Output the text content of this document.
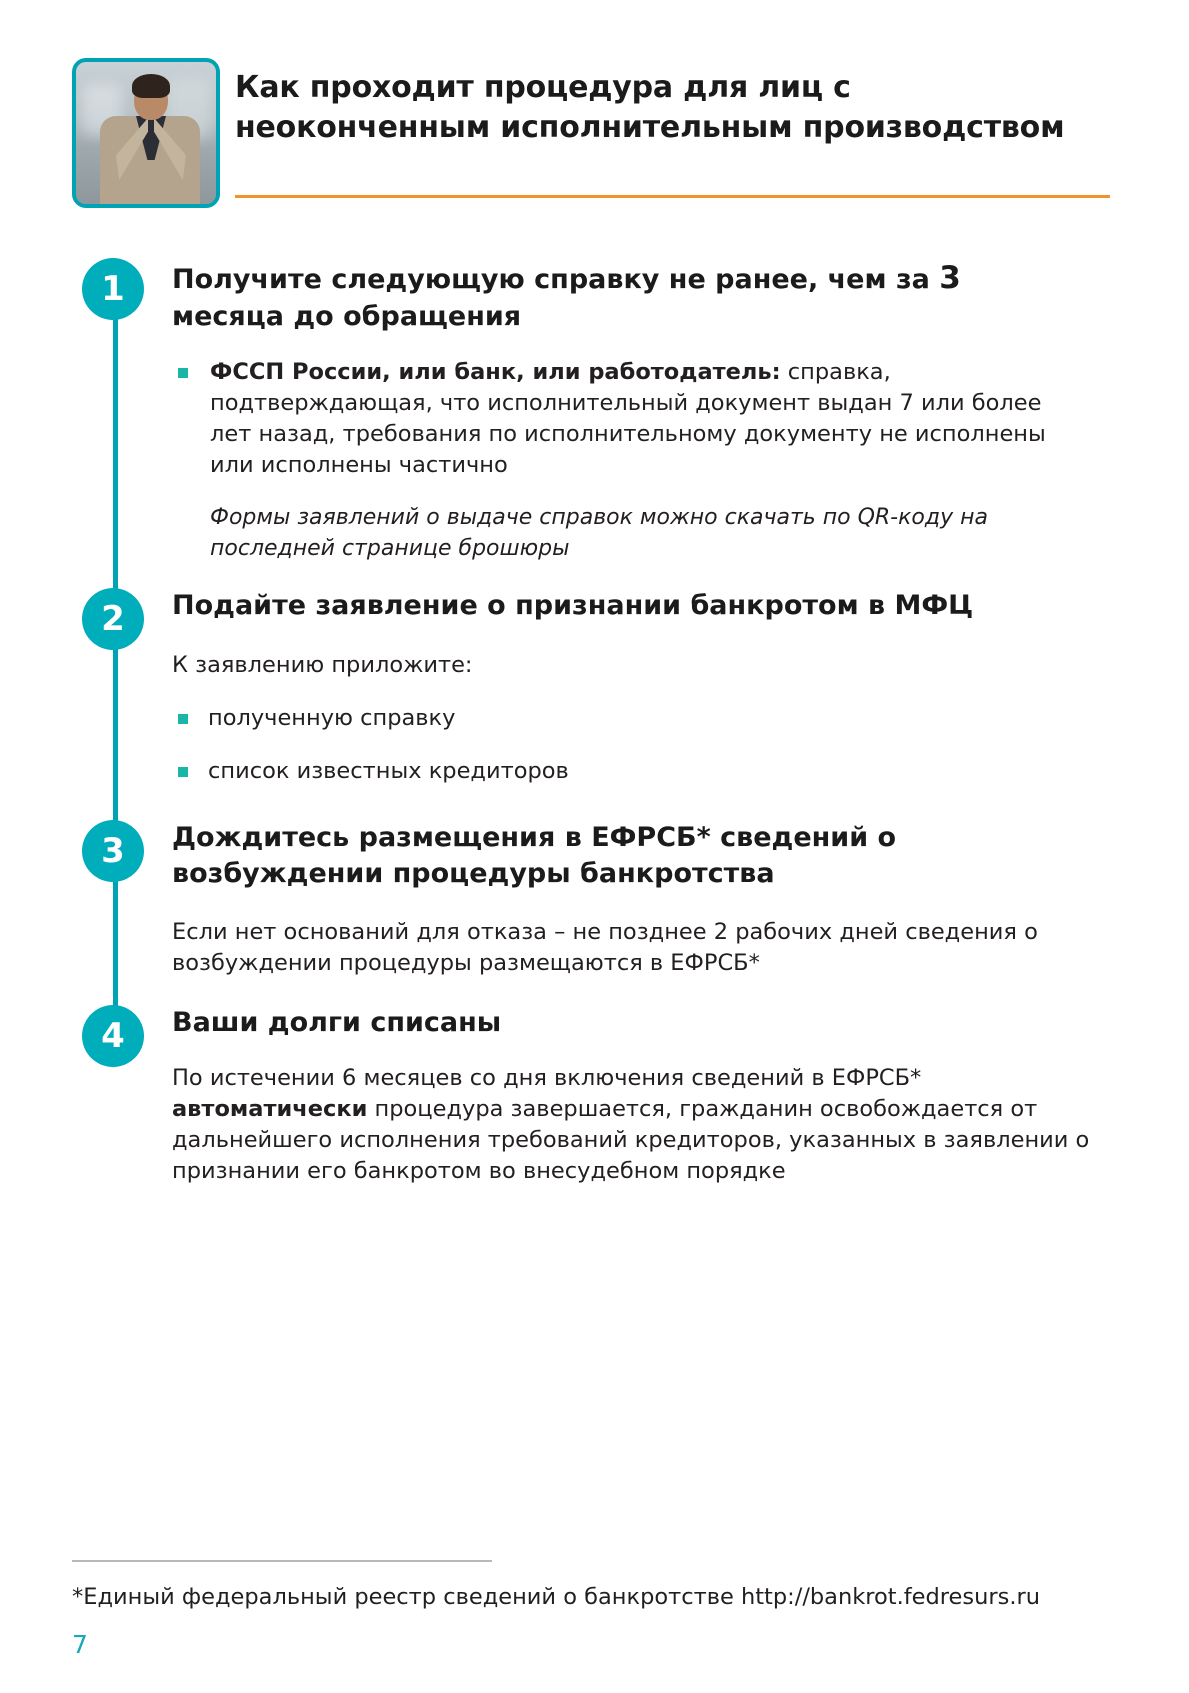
Как проходит процедура для лиц с неоконченным исполнительным производством
1	Получите следующую справку не ранее, чем за 3 месяца до обращения
ФССП России, или банк, или работодатель: справка, подтверждающая, что исполнительный документ выдан 7 или более лет назад, требования по исполнительному документу не исполнены или исполнены частично

Формы заявлений о выдаче справок можно скачать по QR-коду на последней странице брошюры

2	Подайте заявление о признании банкротом в МФЦ

К заявлению приложите:

полученную справку
список известных кредиторов
3	Дождитесь размещения в ЕФРСБ* сведений о возбуждении процедуры банкротства

Если нет оснований для отказа – не позднее 2 рабочих дней сведения о возбуждении процедуры размещаются в ЕФРСБ*

4	Ваши долги списаны

По истечении 6 месяцев со дня включения сведений в ЕФРСБ* автоматически процедура завершается, гражданин освобождается от дальнейшего исполнения требований кредиторов, указанных в заявлении о признании его банкротом во внесудебном порядке

*Единый федеральный реестр сведений о банкротстве http://bankrot.fedresurs.ru
7
